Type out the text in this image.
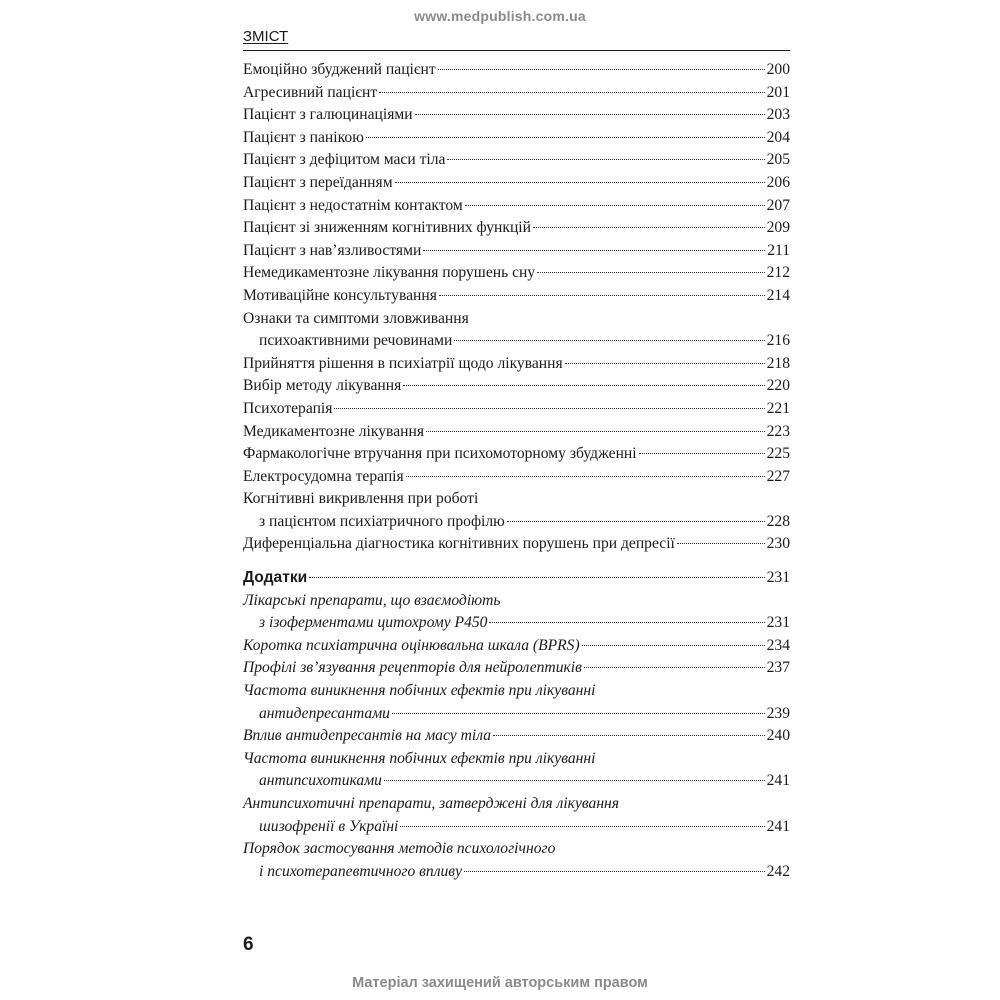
www.medpublish.com.ua
ЗМІСТ
Емоційно збуджений пацієнт	200
Агресивний пацієнт	201
Пацієнт з галюцинаціями	203
Пацієнт з панікою	204
Пацієнт з дефіцитом маси тіла	205
Пацієнт з переїданням	206
Пацієнт з недостатнім контактом	207
Пацієнт зі зниженням когнітивних функцій	209
Пацієнт з нав’язливостями	211
Немедикаментозне лікування порушень сну	212
Мотиваційне консультування	214
Ознаки та симптоми зловживання
психоактивними речовинами	216
Прийняття рішення в психіатрії щодо лікування	218
Вибір методу лікування	220
Психотерапія	221
Медикаментозне лікування	223
Фармакологічне втручання при психомоторному збудженні	225
Електросудомна терапія	227
Когнітивні викривлення при роботі
з пацієнтом психіатричного профілю	228
Диференціальна діагностика когнітивних порушень при депресії	230
Додатки	231
Лікарські препарати, що взаємодіють
з ізоферментами цитохрому P450	231
Коротка психіатрична оцінювальна шкала (BPRS)	234
Профілі зв’язування рецепторів для нейролептиків	237
Частота виникнення побічних ефектів при лікуванні
антидепресантами	239
Вплив антидепресантів на масу тіла	240
Частота виникнення побічних ефектів при лікуванні
антипсихотиками	241
Антипсихотичні препарати, затверджені для лікування
шизофренії в Україні	241
Порядок застосування методів психологічного
і психотерапевтичного впливу	242
6
Матеріал захищений авторським правом
